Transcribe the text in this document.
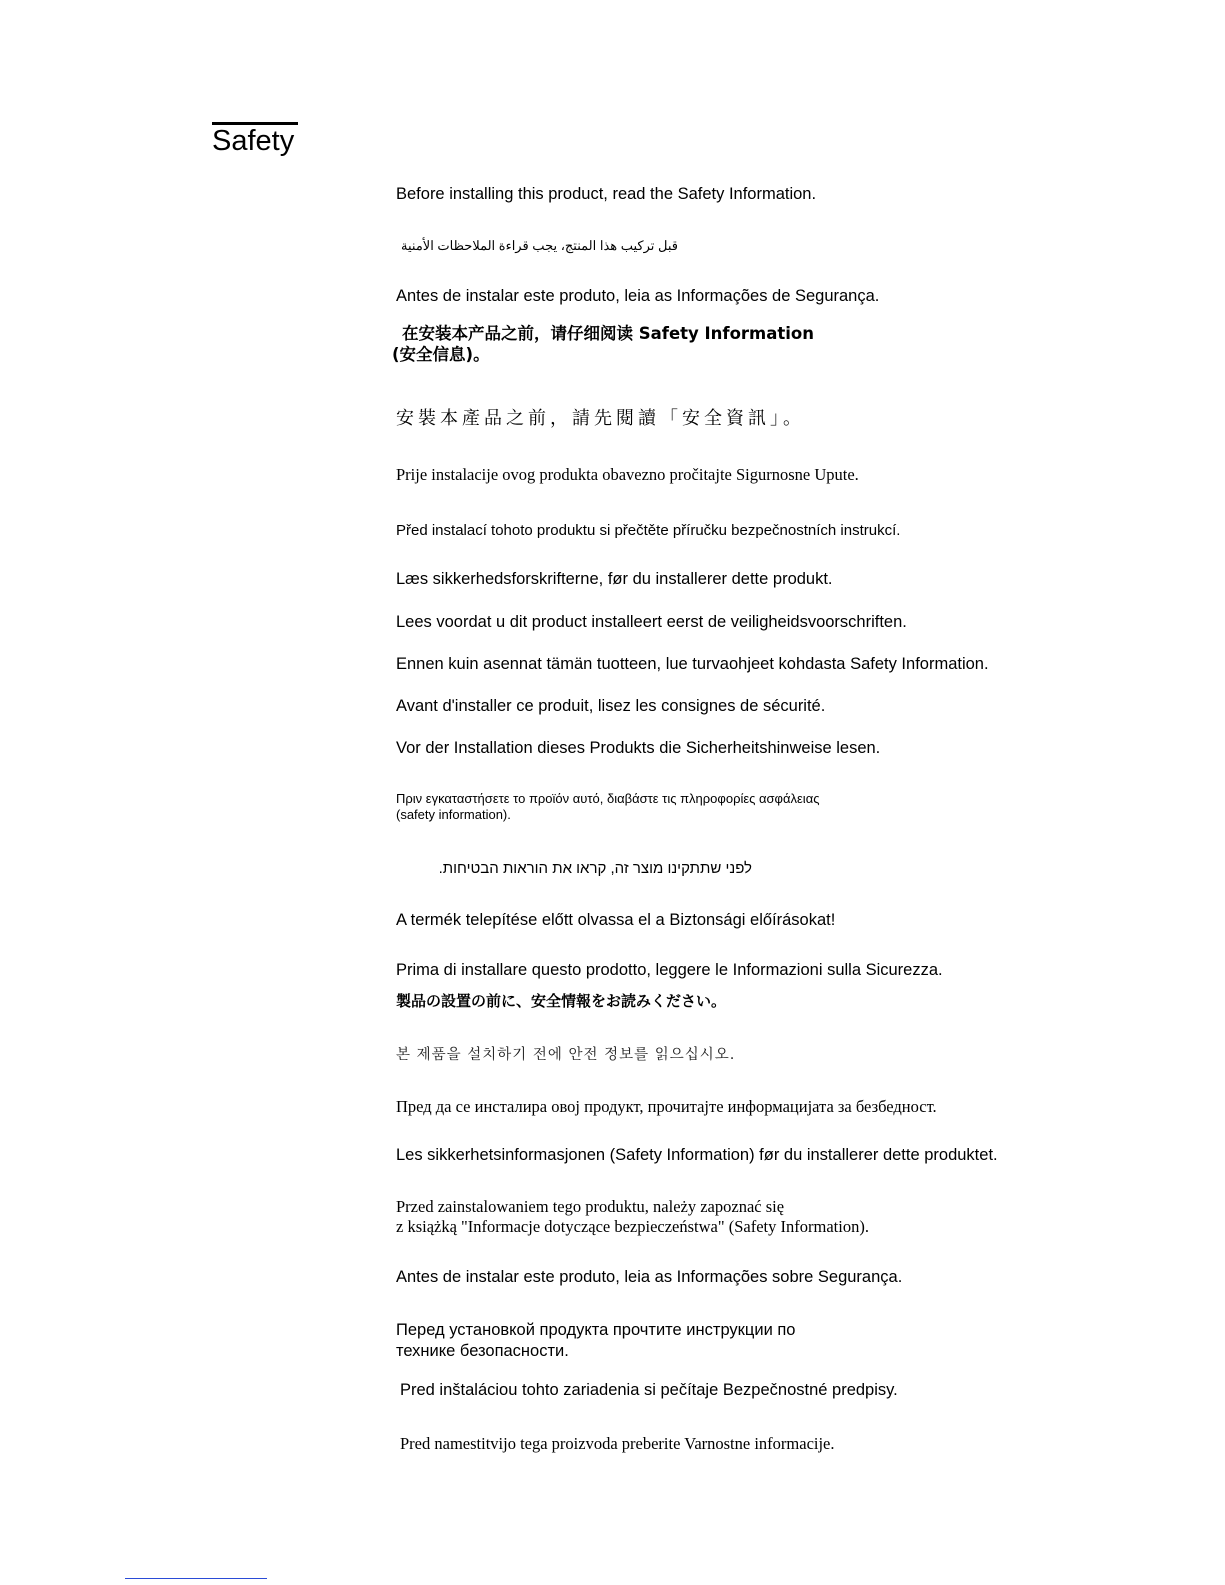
Safety
Before installing this product, read the Safety Information.
قبل تركيب هذا المنتج، يجب قراءة الملاحظات الأمنية
Antes de instalar este produto, leia as Informações de Segurança.
在安装本产品之前，请仔细阅读 Safety Information
(安全信息)。
安裝本產品之前，請先閱讀「安全資訊」。
Prije instalacije ovog produkta obavezno pročitajte Sigurnosne Upute.
Před instalací tohoto produktu si přečtěte příručku bezpečnostních instrukcí.
Læs sikkerhedsforskrifterne, før du installerer dette produkt.
Lees voordat u dit product installeert eerst de veiligheidsvoorschriften.
Ennen kuin asennat tämän tuotteen, lue turvaohjeet kohdasta Safety Information.
Avant d'installer ce produit, lisez les consignes de sécurité.
Vor der Installation dieses Produkts die Sicherheitshinweise lesen.
Πριν εγκαταστήσετε το προϊόν αυτό, διαβάστε τις πληροφορίες ασφάλειας
(safety information).
לפני שתתקינו מוצר זה, קראו את הוראות הבטיחות.
A termék telepítése előtt olvassa el a Biztonsági előírásokat!
Prima di installare questo prodotto, leggere le Informazioni sulla Sicurezza.
製品の設置の前に、安全情報をお読みください。
본 제품을 설치하기 전에 안전 정보를 읽으십시오.
Пред да се инсталира овој продукт, прочитајте информацијата за безбедност.
Les sikkerhetsinformasjonen (Safety Information) før du installerer dette produktet.
Przed zainstalowaniem tego produktu, należy zapoznać się
z książką "Informacje dotyczące bezpieczeństwa" (Safety Information).
Antes de instalar este produto, leia as Informações sobre Segurança.
Перед установкой продукта прочтите инструкции по
технике безопасности.
Pred inštaláciou tohto zariadenia si pečítaje Bezpečnostné predpisy.
Pred namestitvijo tega proizvoda preberite Varnostne informacije.
